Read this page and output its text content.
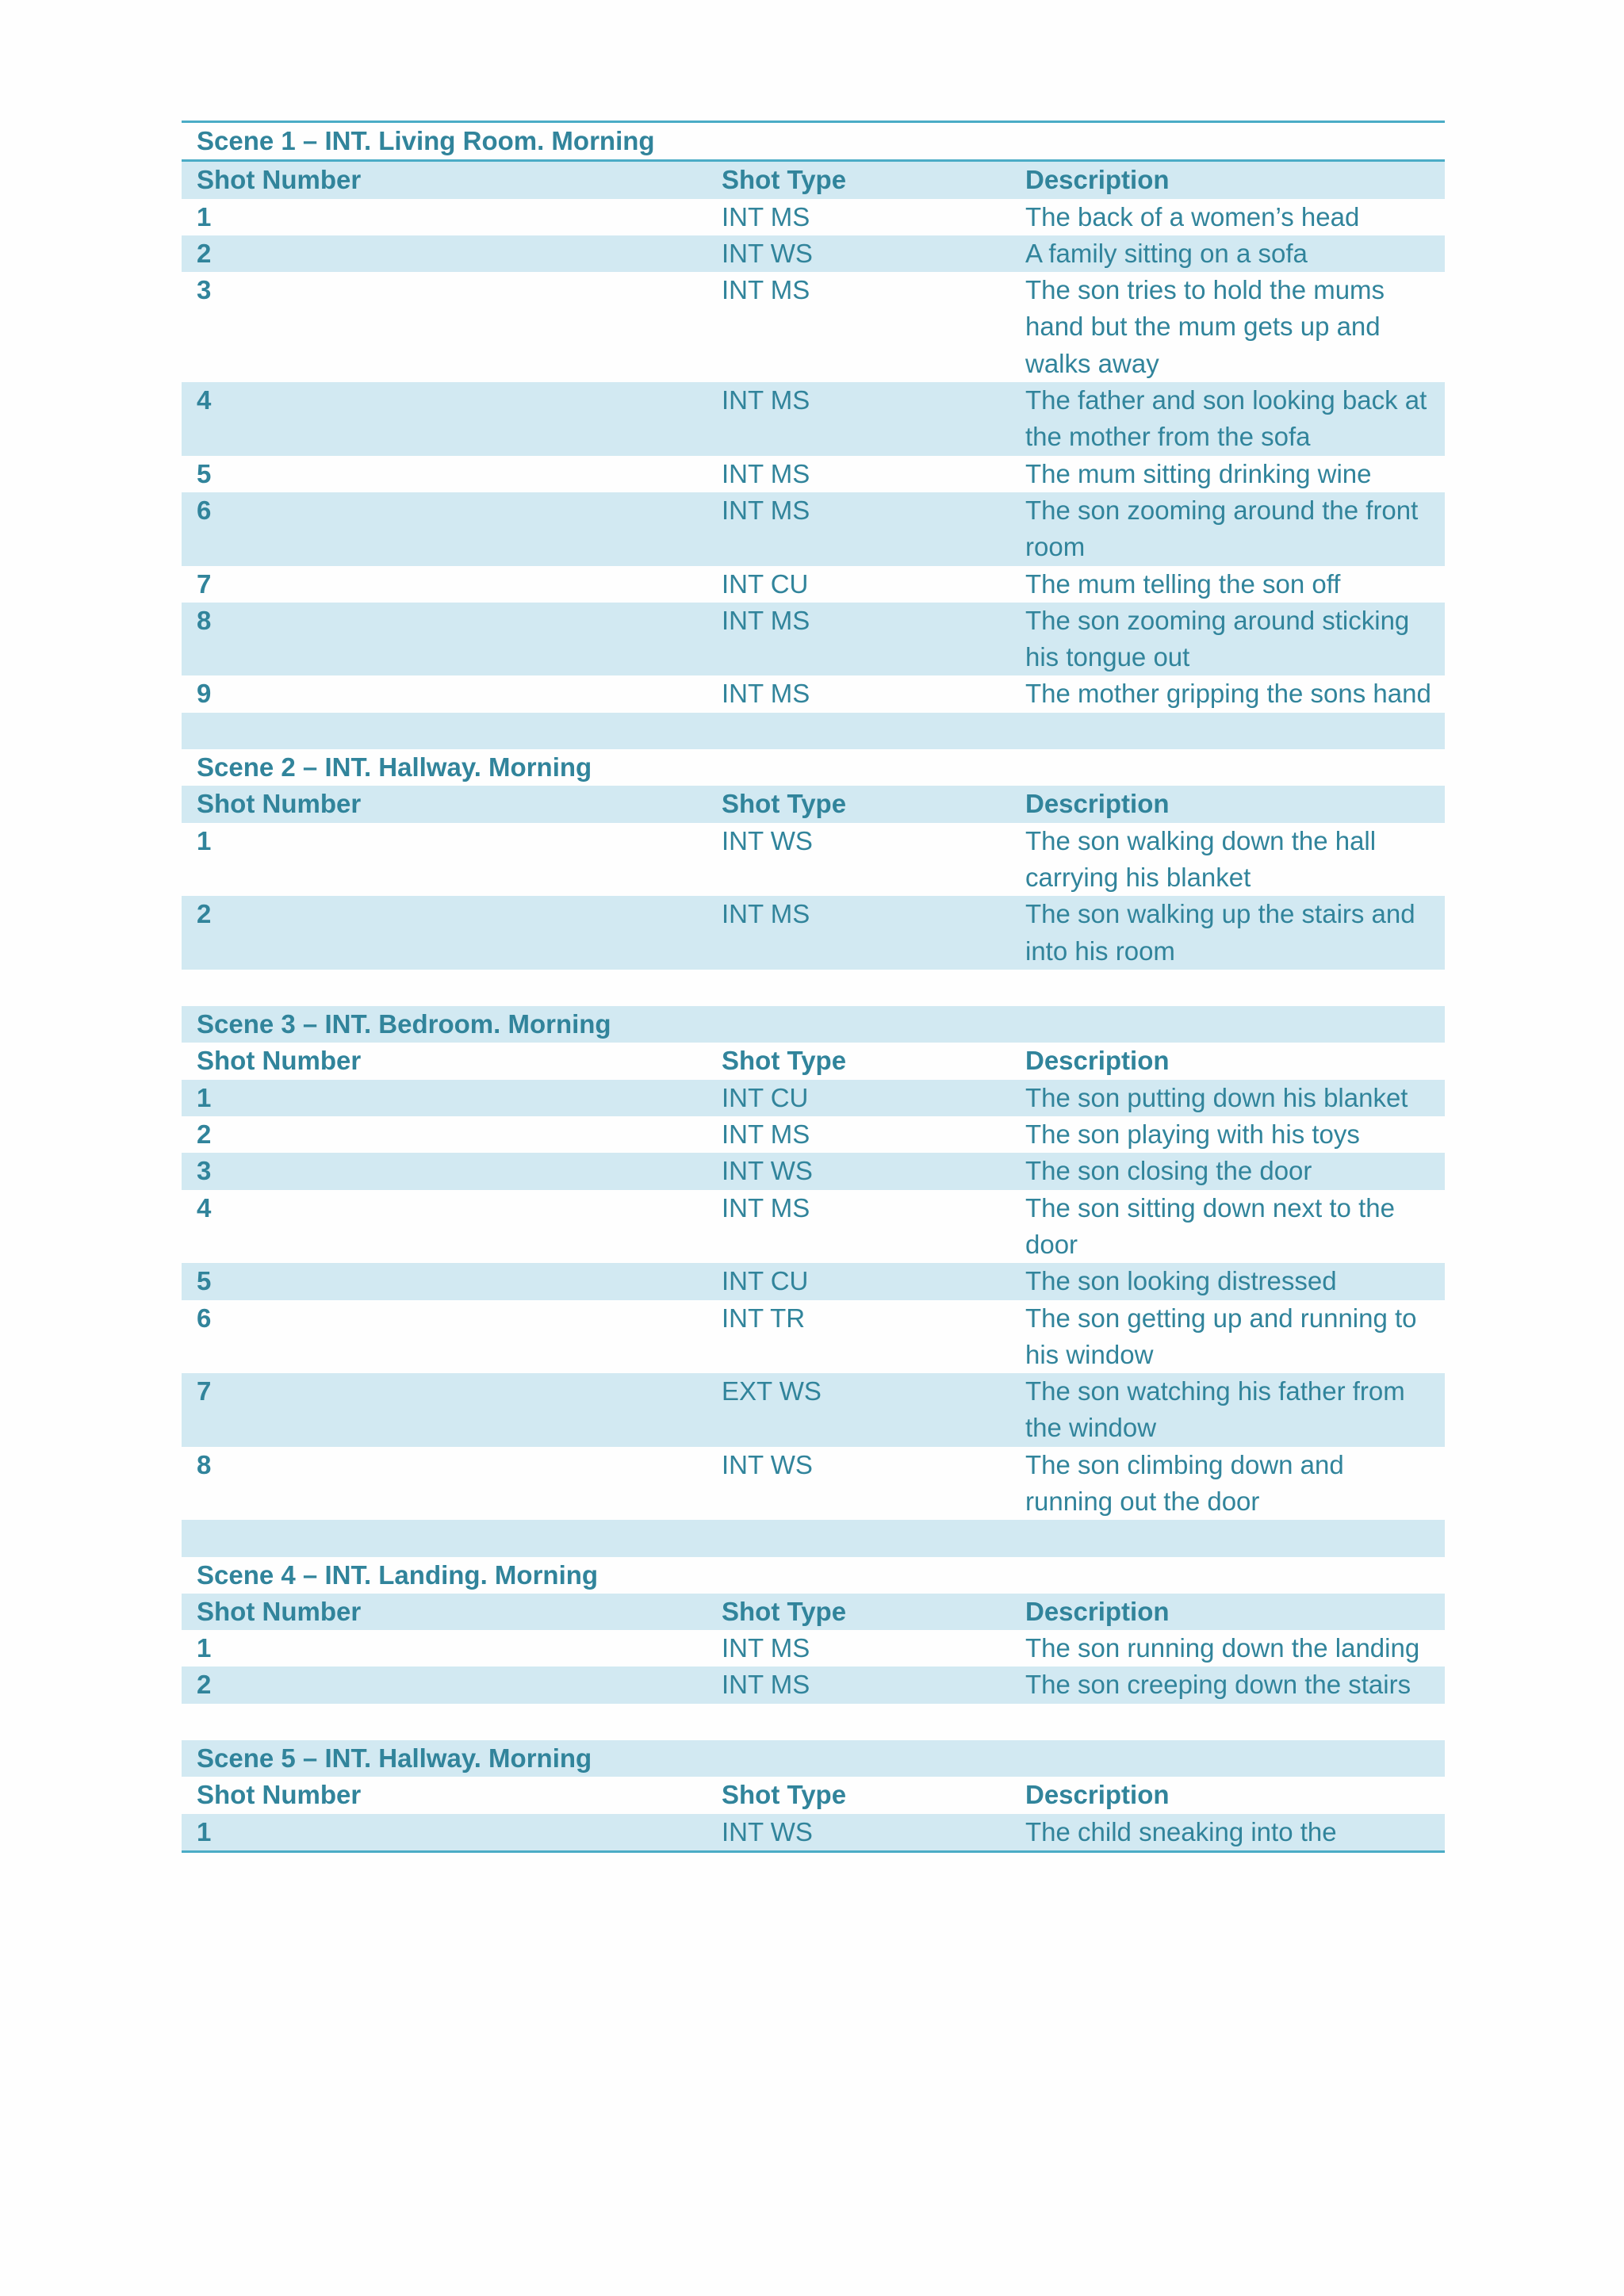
Scene 1 – INT. Living Room. Morning
Shot Number	Shot Type	Description
1	INT MS	The back of a women’s head
2	INT WS	A family sitting on a sofa
3	INT MS	The son tries to hold the mums hand but the mum gets up and walks away
4	INT MS	The father and son looking back at the mother from the sofa
5	INT MS	The mum sitting drinking wine
6	INT MS	The son zooming around the front room
7	INT CU	The mum telling the son off
8	INT MS	The son zooming around sticking his tongue out
9	INT MS	The mother gripping the sons hand
Scene 2 – INT. Hallway. Morning
Shot Number	Shot Type	Description
1	INT WS	The son walking down the hall carrying his blanket
2	INT MS	The son walking up the stairs and into his room
Scene 3 – INT. Bedroom. Morning
Shot Number	Shot Type	Description
1	INT CU	The son putting down his blanket
2	INT MS	The son playing with his toys
3	INT WS	The son closing the door
4	INT MS	The son sitting down next to the door
5	INT CU	The son looking distressed
6	INT TR	The son getting up and running to his window
7	EXT WS	The son watching his father from the window
8	INT WS	The son climbing down and running out the door
Scene 4 – INT. Landing. Morning
Shot Number	Shot Type	Description
1	INT MS	The son running down the landing
2	INT MS	The son creeping down the stairs
Scene 5 – INT. Hallway. Morning
Shot Number	Shot Type	Description
1	INT WS	The child sneaking into the
